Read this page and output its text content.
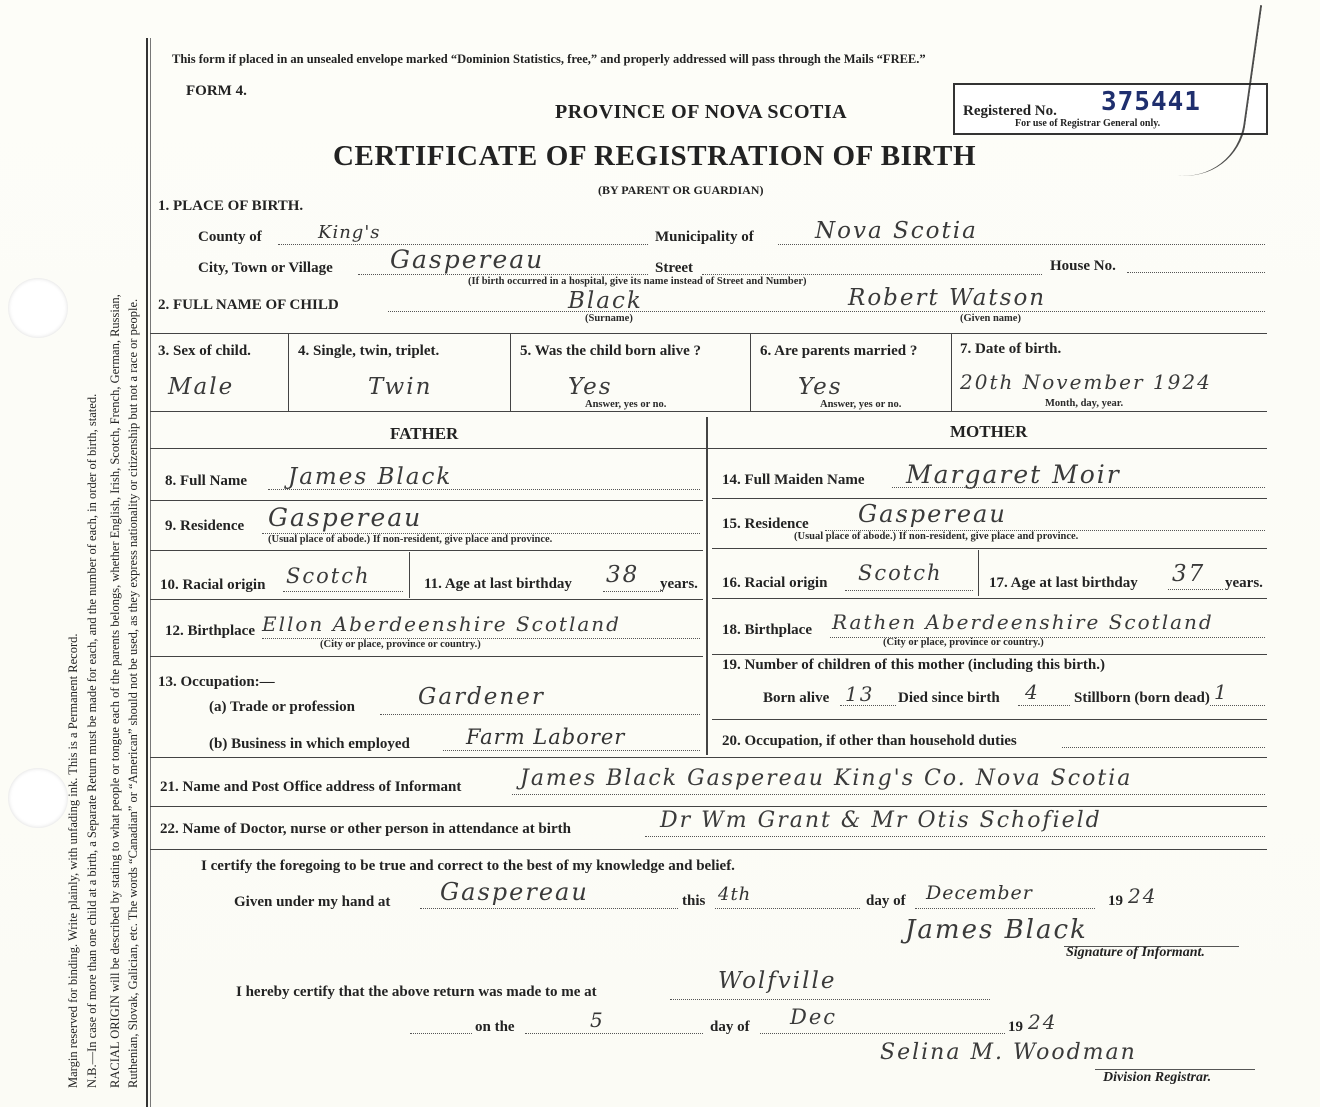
Margin reserved for binding. Write plainly, with unfading ink. This is a Permanent Record. N.B.—In case of more than one child at a birth, a Separate Return must be made for each, and the number of each, in order of birth, stated. RACIAL ORIGIN will be described by stating to what people or tongue each of the parents belongs, whether English, Irish, Scotch, French, German, Russian, Ruthenian, Slovak, Galician, etc. The words “Canadian” or “American” should not be used, as they express nationality or citizenship but not a race or people.
This form if placed in an unsealed envelope marked “Dominion Statistics, free,” and properly addressed will pass through the Mails “FREE.”
FORM 4.
PROVINCE OF NOVA SCOTIA
CERTIFICATE OF REGISTRATION OF BIRTH
(BY PARENT OR GUARDIAN)
Registered No. 375441
For use of Registrar General only.
1. PLACE OF BIRTH.
County of	King's	Municipality of	Nova Scotia
City, Town or Village Gaspereau	Street	House No.
(If birth occurred in a hospital, give its name instead of Street and Number)
2. FULL NAME OF CHILD	Black
(Surname)
Robert Watson
(Given name)
3. Sex of child.
Male
4. Single, twin, triplet.
Twin
5. Was the child born alive ?
Yes
Answer, yes or no.
6. Are parents married ?
Yes
Answer, yes or no.
7. Date of birth.
20th November 1924
Month, day, year.
FATHER	MOTHER
8. Full Name James Black
9. Residence Gaspereau
(Usual place of abode.) If non-resident, give place and province.
10. Racial origin Scotch	11. Age at last birthday 38 years.
12. Birthplace Ellon Aberdeenshire Scotland
(City or place, province or country.)
13. Occupation:—
(a) Trade or profession	Gardener
(b) Business in which employed	Farm Laborer
14. Full Maiden Name Margaret Moir
15. Residence Gaspereau
(Usual place of abode.) If non-resident, give place and province.
16. Racial origin Scotch	17. Age at last birthday 37 years.
18. Birthplace Rathen Aberdeenshire Scotland
(City or place, province or country.)
19. Number of children of this mother (including this birth.)
Born alive 13 Died since birth 4 Stillborn (born dead) 1
20. Occupation, if other than household duties
21. Name and Post Office address of Informant	James Black Gaspereau King's Co. Nova Scotia
22. Name of Doctor, nurse or other person in attendance at birth	Dr Wm Grant & Mr Otis Schofield
I certify the foregoing to be true and correct to the best of my knowledge and belief.
Given under my hand at Gaspereau	this 4th	day of December	19 24
James Black
Signature of Informant.
I hereby certify that the above return was made to me at	Wolfville
on the	5	day of Dec	19 24
Selina M. Woodman
Division Registrar.
